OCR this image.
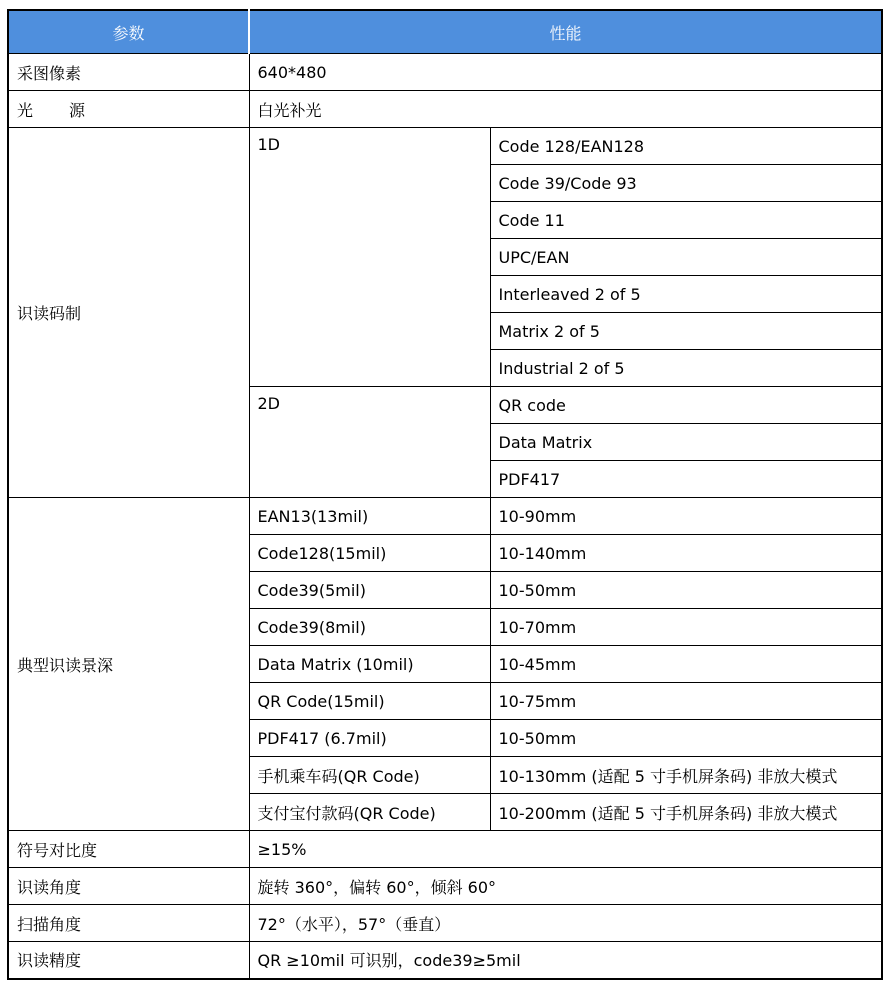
参数	性能	
采图像素	640*480	
光 源	白光补光	
识读码制	1D	Code 128/EAN128
		Code 39/Code 93
		Code 11
		UPC/EAN
		Interleaved 2 of 5
		Matrix 2 of 5
		Industrial 2 of 5
	2D	QR code
		Data Matrix
		PDF417
典型识读景深	EAN13(13mil)	10-90mm
	Code128(15mil)	10-140mm
	Code39(5mil)	10-50mm
	Code39(8mil)	10-70mm
	Data Matrix (10mil)	10-45mm
	QR Code(15mil)	10-75mm
	PDF417 (6.7mil)	10-50mm
	手机乘车码(QR Code)	10-130mm (适配 5 寸手机屏条码) 非放大模式
	支付宝付款码(QR Code)	10-200mm (适配 5 寸手机屏条码) 非放大模式
符号对比度	≥15%	
识读角度	旋转 360°，偏转 60°，倾斜 60°	
扫描角度	72°（水平），57°（垂直）	
识读精度	QR ≥10mil 可识别，code39≥5mil	
